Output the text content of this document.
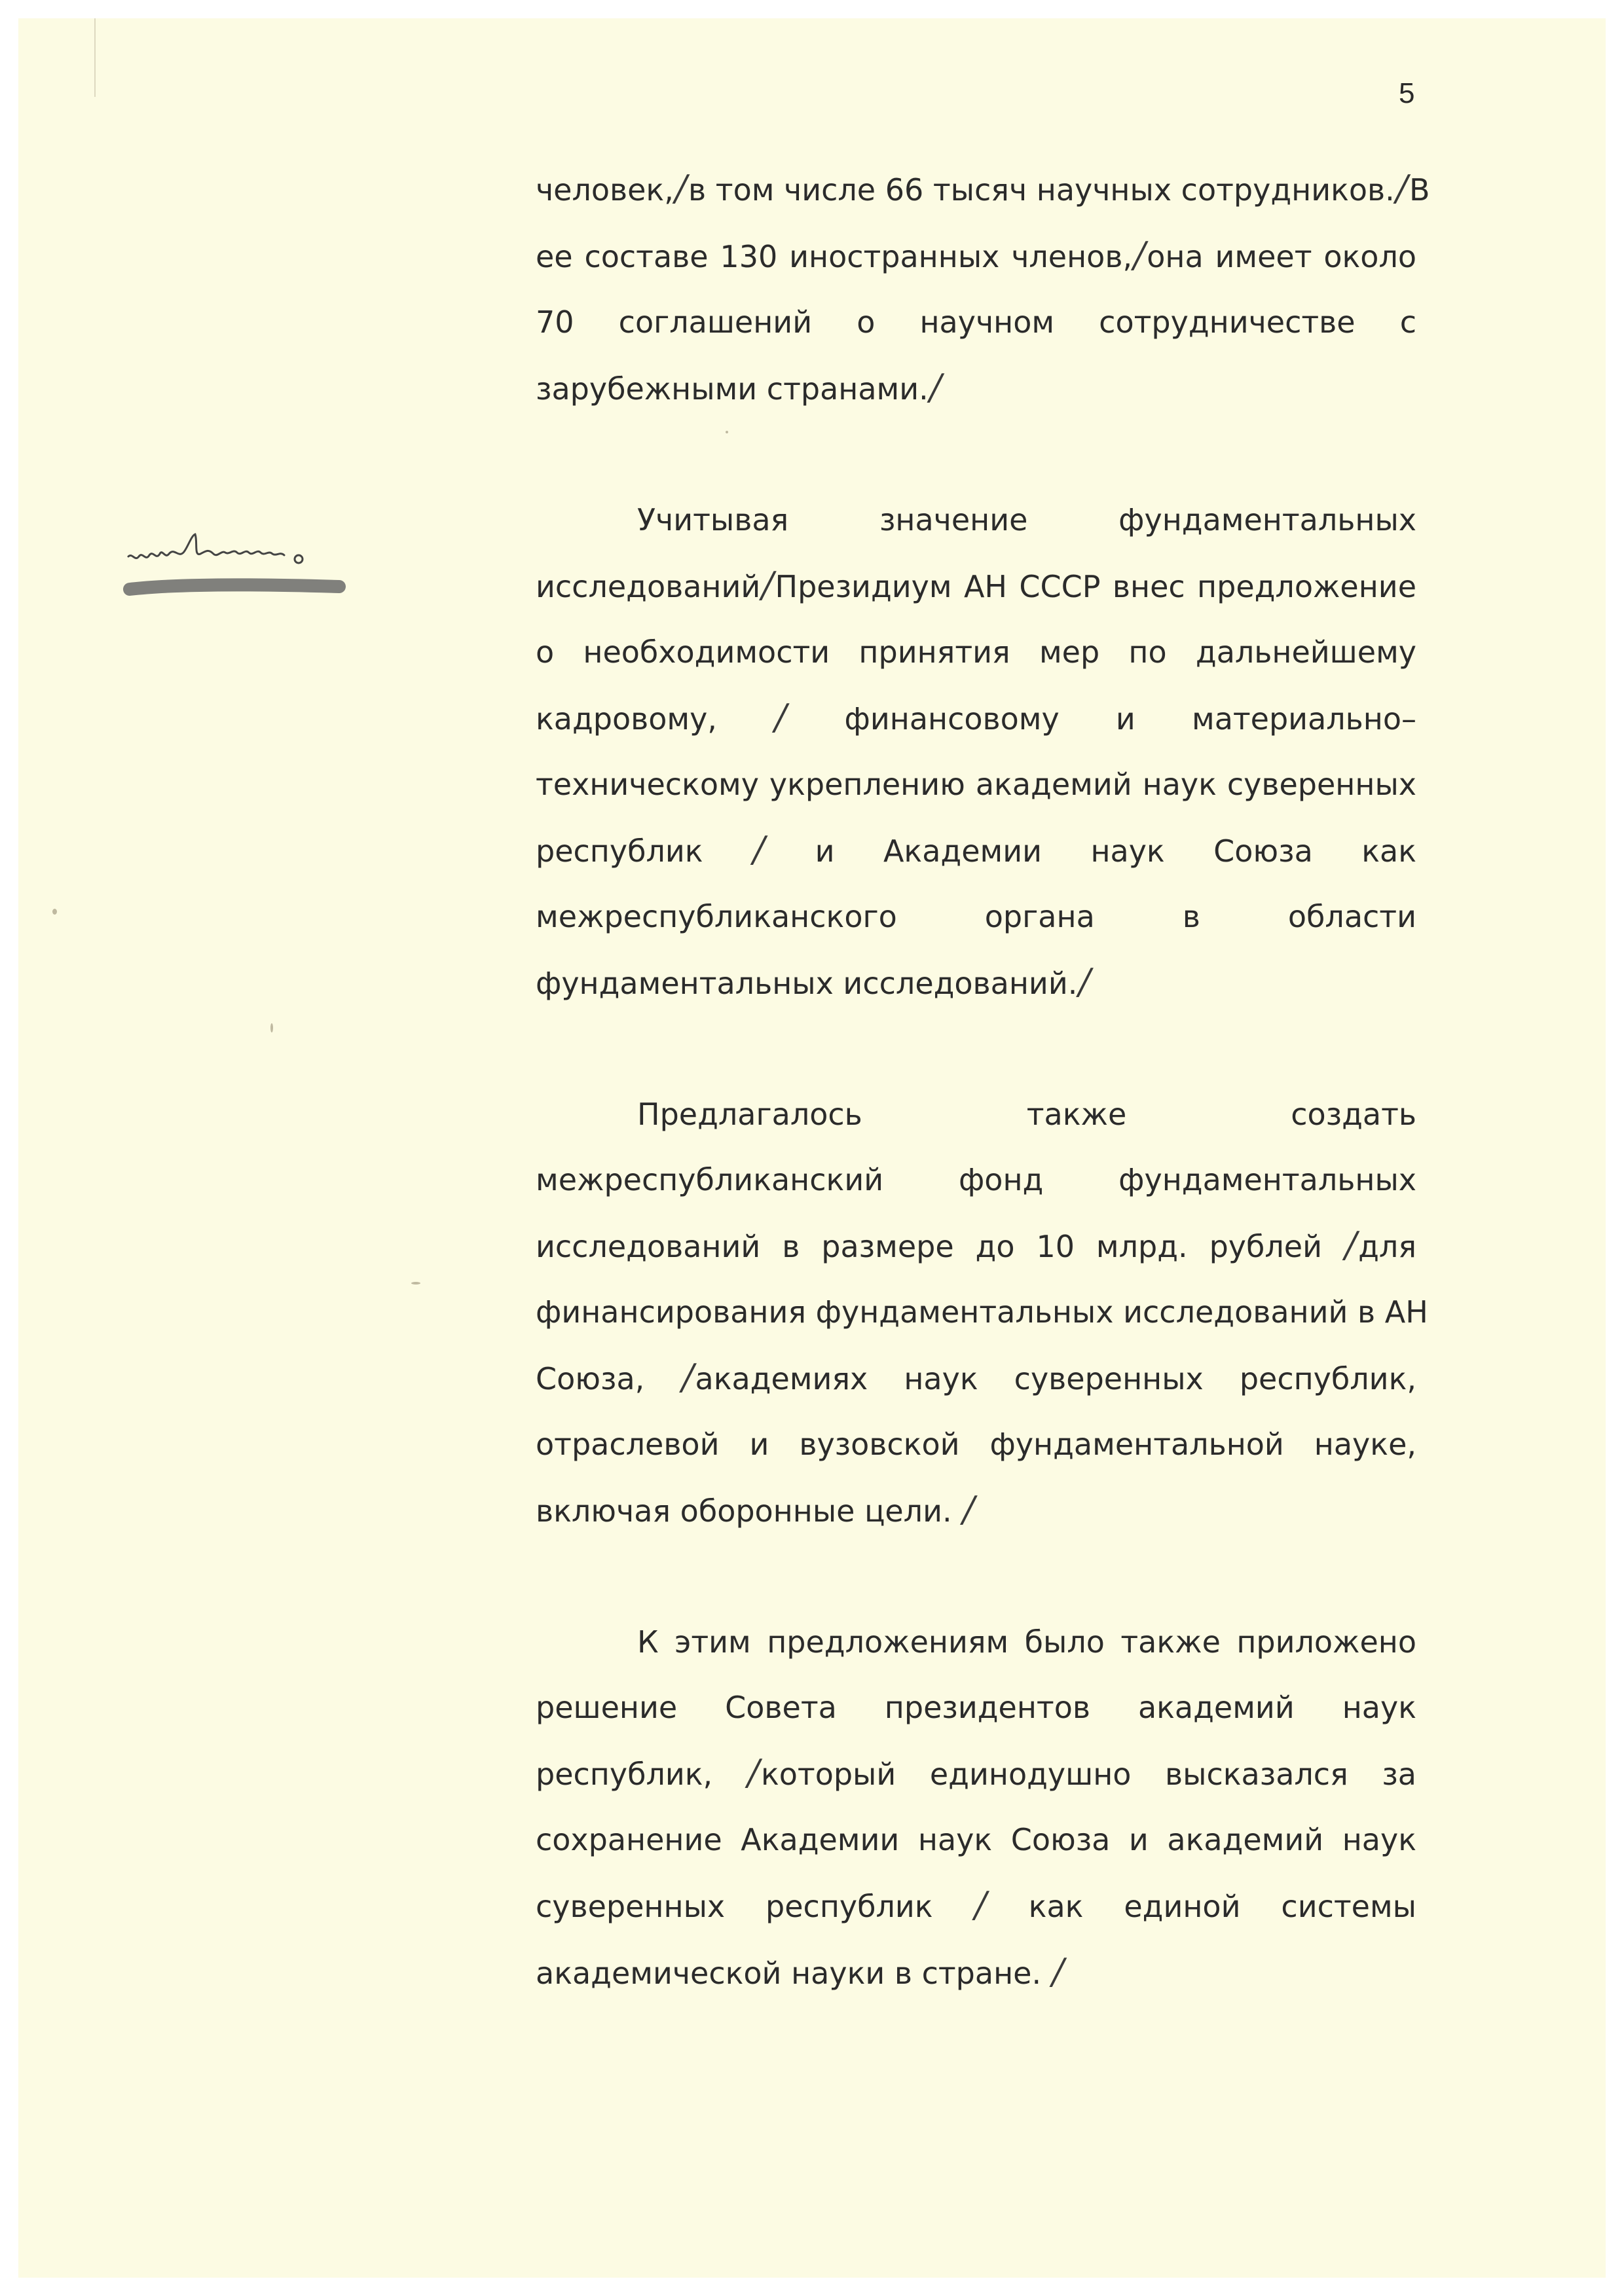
5
человек,/в том числе 66 тысяч научных сотрудников./В
ее составе 130 иностранных членов,/она имеет около
70 соглашений о научном сотрудничестве с
зарубежными странами./
Учитывая значение фундаментальных
исследований/Президиум АН СССР внес предложение
о необходимости принятия мер по дальнейшему
кадровому, / финансовому и материально–
техническому укреплению академий наук суверенных
республик / и Академии наук Союза как
межреспубликанского органа в области
фундаментальных исследований./
Предлагалось также создать
межреспубликанский фонд фундаментальных
исследований в размере до 10 млрд. рублей /для
финансирования фундаментальных исследований в АН
Союза, /академиях наук суверенных республик,
отраслевой и вузовской фундаментальной науке,
включая оборонные цели. /
К этим предложениям было также приложено
решение Совета президентов академий наук
республик, /который единодушно высказался за
сохранение Академии наук Союза и академий наук
суверенных республик / как единой системы
академической науки в стране. /
